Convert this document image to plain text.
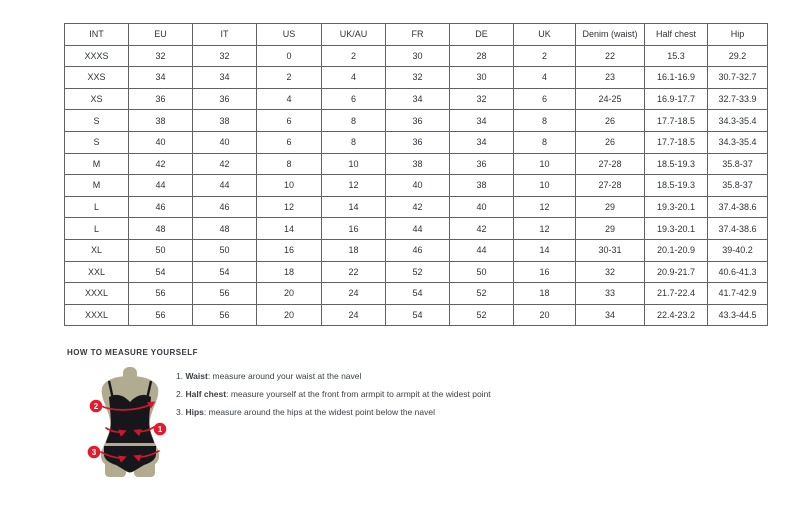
INT	EU	IT	US	UK/AU	FR	DE	UK	Denim (waist)	Half chest	Hip
XXXS	32	32	0	2	30	28	2	22	15.3	29.2
XXS	34	34	2	4	32	30	4	23	16.1-16.9	30.7-32.7
XS	36	36	4	6	34	32	6	24-25	16.9-17.7	32.7-33.9
S	38	38	6	8	36	34	8	26	17.7-18.5	34.3-35.4
S	40	40	6	8	36	34	8	26	17.7-18.5	34.3-35.4
M	42	42	8	10	38	36	10	27-28	18.5-19.3	35.8-37
M	44	44	10	12	40	38	10	27-28	18.5-19.3	35.8-37
L	46	46	12	14	42	40	12	29	19.3-20.1	37.4-38.6
L	48	48	14	16	44	42	12	29	19.3-20.1	37.4-38.6
XL	50	50	16	18	46	44	14	30-31	20.1-20.9	39-40.2
XXL	54	54	18	22	52	50	16	32	20.9-21.7	40.6-41.3
XXXL	56	56	20	24	54	52	18	33	21.7-22.4	41.7-42.9
XXXL	56	56	20	24	54	52	20	34	22.4-23.2	43.3-44.5
HOW TO MEASURE YOURSELF
2
1
3

1. Waist: measure around your waist at the navel

2. Half chest: measure yourself at the front from armpit to armpit at the widest point

3. Hips: measure around the hips at the widest point below the navel
